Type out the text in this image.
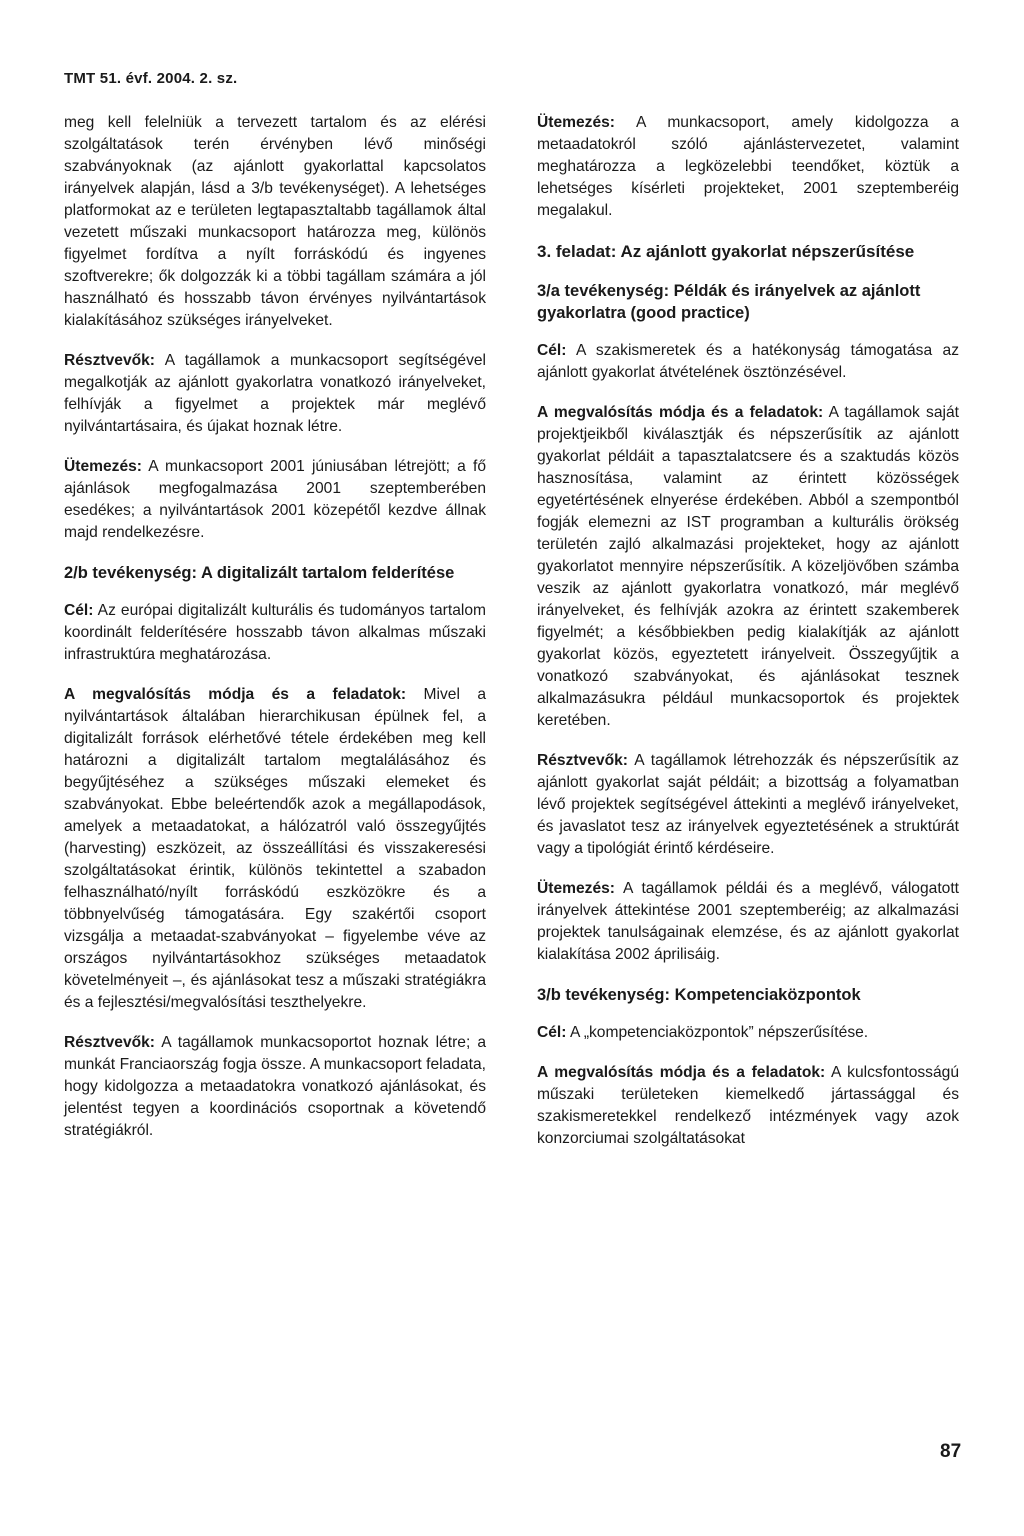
TMT 51. évf. 2004. 2. sz.

meg kell felelniük a tervezett tartalom és az elérési szolgáltatások terén érvényben lévő minőségi szabványoknak (az ajánlott gyakorlattal kapcsolatos irányelvek alapján, lásd a 3/b tevékenységet). A lehetséges platformokat az e területen legtapasztaltabb tagállamok által vezetett műszaki munkacsoport határozza meg, különös figyelmet fordítva a nyílt forráskódú és ingyenes szoftverekre; ők dolgozzák ki a többi tagállam számára a jól használható és hosszabb távon érvényes nyilvántartások kialakításához szükséges irányelveket.

Résztvevők: A tagállamok a munkacsoport segítségével megalkotják az ajánlott gyakorlatra vonatkozó irányelveket, felhívják a figyelmet a projektek már meglévő nyilvántartásaira, és újakat hoznak létre.

Ütemezés: A munkacsoport 2001 júniusában létrejött; a fő ajánlások megfogalmazása 2001 szeptemberében esedékes; a nyilvántartások 2001 közepétől kezdve állnak majd rendelkezésre.

2/b tevékenység: A digitalizált tartalom felderítése

Cél: Az európai digitalizált kulturális és tudományos tartalom koordinált felderítésére hosszabb távon alkalmas műszaki infrastruktúra meghatározása.

A megvalósítás módja és a feladatok: Mivel a nyilvántartások általában hierarchikusan épülnek fel, a digitalizált források elérhetővé tétele érdekében meg kell határozni a digitalizált tartalom megtalálásához és begyűjtéséhez a szükséges műszaki elemeket és szabványokat. Ebbe beleértendők azok a megállapodások, amelyek a metaadatokat, a hálózatról való összegyűjtés (harvesting) eszközeit, az összeállítási és visszakeresési szolgáltatásokat érintik, különös tekintettel a szabadon felhasználható/nyílt forráskódú eszközökre és a többnyelvűség támogatására. Egy szakértői csoport vizsgálja a metaadat-szabványokat – figyelembe véve az országos nyilvántartásokhoz szükséges metaadatok követelményeit –, és ajánlásokat tesz a műszaki stratégiákra és a fejlesztési/megvalósítási teszthelyekre.

Résztvevők: A tagállamok munkacsoportot hoznak létre; a munkát Franciaország fogja össze. A munkacsoport feladata, hogy kidolgozza a metaadatokra vonatkozó ajánlásokat, és jelentést tegyen a koordinációs csoportnak a követendő stratégiákról.

Ütemezés: A munkacsoport, amely kidolgozza a metaadatokról szóló ajánlástervezetet, valamint meghatározza a legközelebbi teendőket, köztük a lehetséges kísérleti projekteket, 2001 szeptemberéig megalakul.

3. feladat: Az ajánlott gyakorlat népszerűsítése
3/a tevékenység: Példák és irányelvek az ajánlott gyakorlatra (good practice)

Cél: A szakismeretek és a hatékonyság támogatása az ajánlott gyakorlat átvételének ösztönzésével.

A megvalósítás módja és a feladatok: A tagállamok saját projektjeikből kiválasztják és népszerűsítik az ajánlott gyakorlat példáit a tapasztalatcsere és a szaktudás közös hasznosítása, valamint az érintett közösségek egyetértésének elnyerése érdekében. Abból a szempontból fogják elemezni az IST programban a kulturális örökség területén zajló alkalmazási projekteket, hogy az ajánlott gyakorlatot mennyire népszerűsítik. A közeljövőben számba veszik az ajánlott gyakorlatra vonatkozó, már meglévő irányelveket, és felhívják azokra az érintett szakemberek figyelmét; a későbbiekben pedig kialakítják az ajánlott gyakorlat közös, egyeztetett irányelveit. Összegyűjtik a vonatkozó szabványokat, és ajánlásokat tesznek alkalmazásukra például munkacsoportok és projektek keretében.

Résztvevők: A tagállamok létrehozzák és népszerűsítik az ajánlott gyakorlat saját példáit; a bizottság a folyamatban lévő projektek segítségével áttekinti a meglévő irányelveket, és javaslatot tesz az irányelvek egyeztetésének a struktúrát vagy a tipológiát érintő kérdéseire.

Ütemezés: A tagállamok példái és a meglévő, válogatott irányelvek áttekintése 2001 szeptemberéig; az alkalmazási projektek tanulságainak elemzése, és az ajánlott gyakorlat kialakítása 2002 áprilisáig.

3/b tevékenység: Kompetenciaközpontok

Cél: A „kompetenciaközpontok” népszerűsítése.

A megvalósítás módja és a feladatok: A kulcsfontosságú műszaki területeken kiemelkedő jártassággal és szakismeretekkel rendelkező intézmények vagy azok konzorciumai szolgáltatásokat

87
